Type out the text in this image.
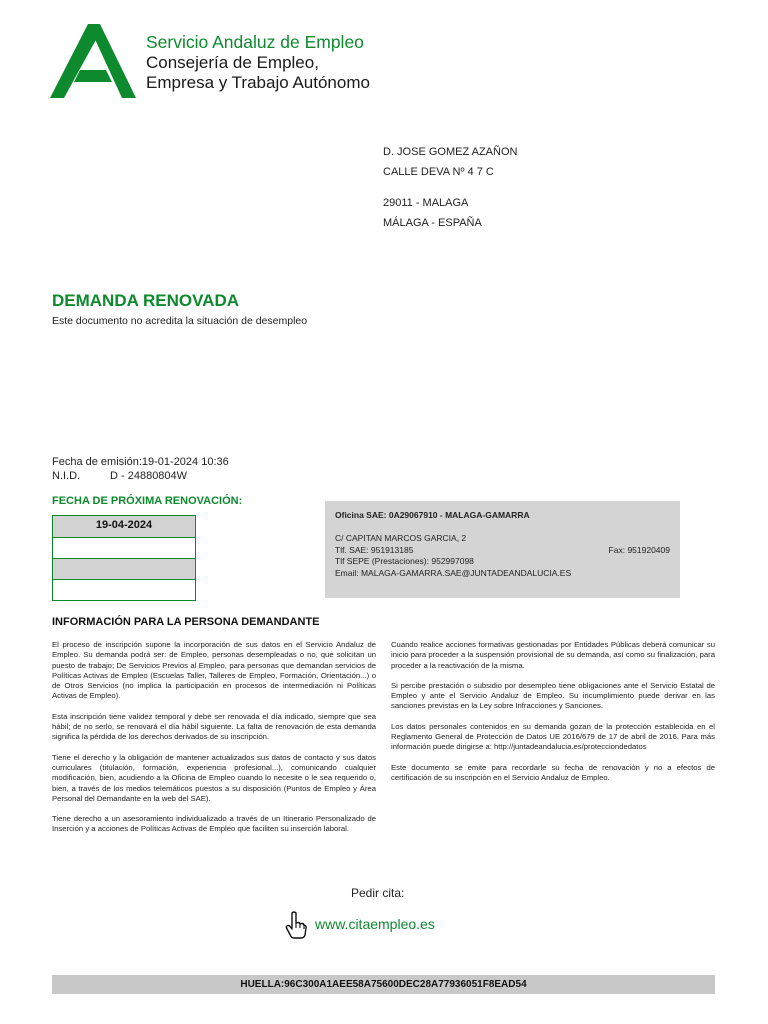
Servicio Andaluz de Empleo
Consejería de Empleo,
Empresa y Trabajo Autónomo
D. JOSE GOMEZ AZAÑON
CALLE DEVA Nº 4 7 C
29011 - MALAGA
MÁLAGA - ESPAÑA
DEMANDA RENOVADA
Este documento no acredita la situación de desempleo
Fecha de emisión: 19-01-2024 10:36
N.I.D.	D - 24880804W
FECHA DE PRÓXIMA RENOVACIÓN:
19-04-2024
Oficina SAE: 0A29067910 - MALAGA-GAMARRA
C/ CAPITAN MARCOS GARCIA, 2
Tlf. SAE: 951913185	Fax: 951920409
Tlf SEPE (Prestaciones): 952997098
Email: MALAGA-GAMARRA.SAE@JUNTADEANDALUCIA.ES
INFORMACIÓN PARA LA PERSONA DEMANDANTE

El proceso de inscripción supone la incorporación de sus datos en el Servicio Andaluz de Empleo. Su demanda podrá ser: de Empleo, personas desempleadas o no, que solicitan un puesto de trabajo; De Servicios Previos al Empleo, para personas que demandan servicios de Políticas Activas de Empleo (Escuelas Taller, Talleres de Empleo, Formación, Orientación...) o de Otros Servicios (no implica la participación en procesos de intermediación ni Políticas Activas de Empleo).

Esta inscripción tiene validez temporal y debe ser renovada el día indicado, siempre que sea hábil; de no serlo, se renovará el día hábil siguiente. La falta de renovación de esta demanda significa la pérdida de los derechos derivados de su inscripción.

Tiene el derecho y la obligación de mantener actualizados sus datos de contacto y sus datos curriculares (titulación, formación, experiencia profesional...), comunicando cualquier modificación, bien, acudiendo a la Oficina de Empleo cuando lo necesite o le sea requerido o, bien, a través de los medios telemáticos puestos a su disposición (Puntos de Empleo y Área Personal del Demandante en la web del SAE).

Tiene derecho a un asesoramiento individualizado a través de un Itinerario Personalizado de Inserción y a acciones de Políticas Activas de Empleo que faciliten su inserción laboral.

Cuando realice acciones formativas gestionadas por Entidades Públicas deberá comunicar su inicio para proceder a la suspensión provisional de su demanda, así como su finalización, para proceder a la reactivación de la misma.

Si percibe prestación o subsidio por desempleo tiene obligaciones ante el Servicio Estatal de Empleo y ante el Servicio Andaluz de Empleo. Su incumplimiento puede derivar en las sanciones previstas en la Ley sobre Infracciones y Sanciones.

Los datos personales contenidos en su demanda gozan de la protección establecida en el Reglamento General de Protección de Datos UE 2016/679 de 17 de abril de 2016. Para más información puede dirigirse a: http://juntadeandalucia.es/protecciondedatos

Este documento se emite para recordarle su fecha de renovación y no a efectos de certificación de su inscripción en el Servicio Andaluz de Empleo.

Pedir cita:
www.citaempleo.es
HUELLA:96C300A1AEE58A75600DEC28A77936051F8EAD54
